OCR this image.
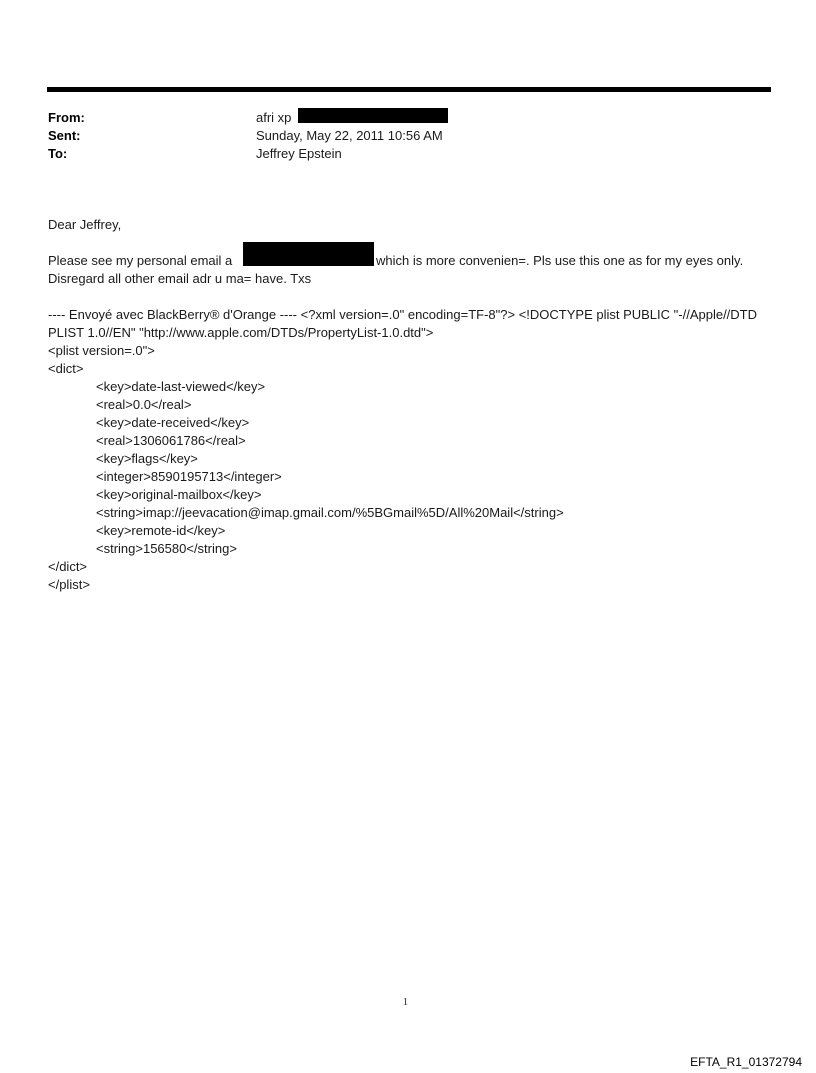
From:	afri xp
Sent:	Sunday, May 22, 2011 10:56 AM
To:	Jeffrey Epstein
Dear Jeffrey,
Please see my personal email a	which is more convenien=. Pls use this one as for my eyes only.
Disregard all other email adr u ma= have. Txs
---- Envoyé avec BlackBerry® d'Orange ---- <?xml version=.0" encoding=TF-8"?> <!DOCTYPE plist PUBLIC "-//Apple//DTD
PLIST 1.0//EN" "http://www.apple.com/DTDs/PropertyList-1.0.dtd">
<plist version=.0">
<dict>
<key>date-last-viewed</key>
<real>0.0</real>
<key>date-received</key>
<real>1306061786</real>
<key>flags</key>
<integer>8590195713</integer>
<key>original-mailbox</key>
<string>imap://jeevacation@imap.gmail.com/%5BGmail%5D/All%20Mail</string>
<key>remote-id</key>
<string>156580</string>
</dict>
</plist>
1
EFTA_R1_01372794
